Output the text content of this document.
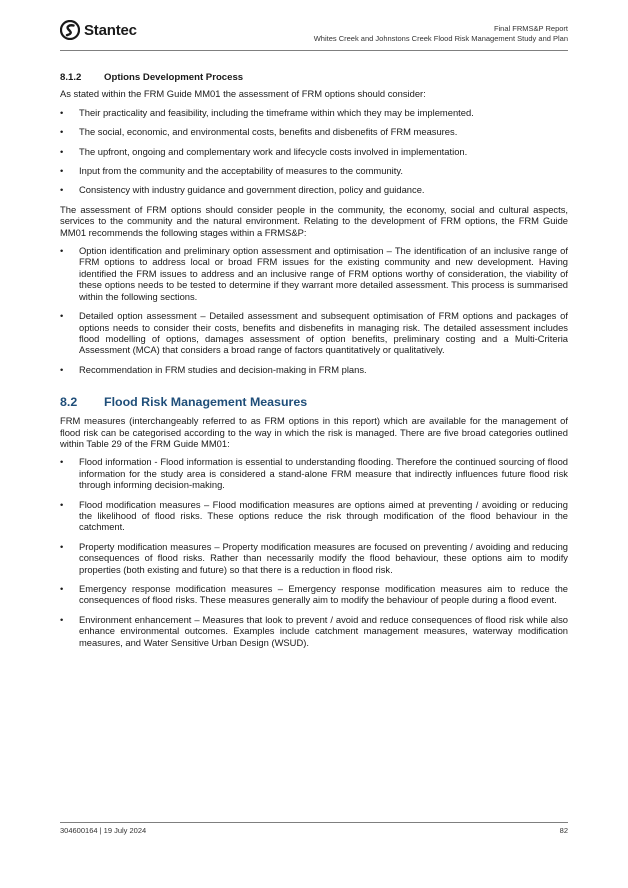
Stantec	Final FRMS&P Report
Whites Creek and Johnstons Creek Flood Risk Management Study and Plan
8.1.2	Options Development Process

As stated within the FRM Guide MM01 the assessment of FRM options should consider:

• Their practicality and feasibility, including the timeframe within which they may be implemented.
• The social, economic, and environmental costs, benefits and disbenefits of FRM measures.
• The upfront, ongoing and complementary work and lifecycle costs involved in implementation.
• Input from the community and the acceptability of measures to the community.
• Consistency with industry guidance and government direction, policy and guidance.

The assessment of FRM options should consider people in the community, the economy, social and cultural aspects, services to the community and the natural environment. Relating to the development of FRM options, the FRM Guide MM01 recommends the following stages within a FRMS&P:

• Option identification and preliminary option assessment and optimisation – The identification of an inclusive range of FRM options to address local or broad FRM issues for the existing community and new development. Having identified the FRM issues to address and an inclusive range of FRM options worthy of consideration, the viability of these options needs to be tested to determine if they warrant more detailed assessment. This process is summarised within the following sections.
• Detailed option assessment – Detailed assessment and subsequent optimisation of FRM options and packages of options needs to consider their costs, benefits and disbenefits in managing risk. The detailed assessment includes flood modelling of options, damages assessment of option benefits, preliminary costing and a Multi-Criteria Assessment (MCA) that considers a broad range of factors quantitatively or qualitatively.
• Recommendation in FRM studies and decision-making in FRM plans.
8.2	Flood Risk Management Measures

FRM measures (interchangeably referred to as FRM options in this report) which are available for the management of flood risk can be categorised according to the way in which the risk is managed. There are five broad categories outlined within Table 29 of the FRM Guide MM01:

• Flood information - Flood information is essential to understanding flooding. Therefore the continued sourcing of flood information for the study area is considered a stand-alone FRM measure that indirectly influences future flood risk through informing decision-making.
• Flood modification measures – Flood modification measures are options aimed at preventing / avoiding or reducing the likelihood of flood risks. These options reduce the risk through modification of the flood behaviour in the catchment.
• Property modification measures – Property modification measures are focused on preventing / avoiding and reducing consequences of flood risks. Rather than necessarily modify the flood behaviour, these options aim to modify properties (both existing and future) so that there is a reduction in flood risk.
• Emergency response modification measures – Emergency response modification measures aim to reduce the consequences of flood risks. These measures generally aim to modify the behaviour of people during a flood event.
• Environment enhancement – Measures that look to prevent / avoid and reduce consequences of flood risk while also enhance environmental outcomes. Examples include catchment management measures, waterway modification measures, and Water Sensitive Urban Design (WSUD).
304600164 | 19 July 2024	82
